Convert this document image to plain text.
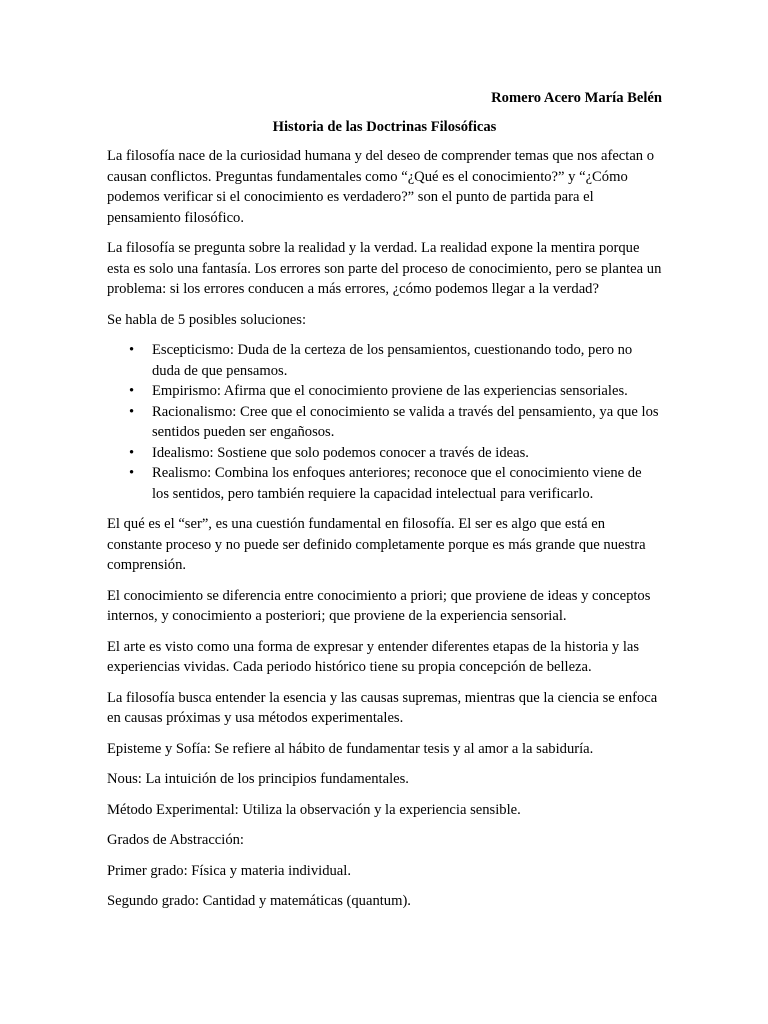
Romero Acero María Belén
Historia de las Doctrinas Filosóficas

La filosofía nace de la curiosidad humana y del deseo de comprender temas que nos afectan o causan conflictos. Preguntas fundamentales como “¿Qué es el conocimiento?” y “¿Cómo podemos verificar si el conocimiento es verdadero?” son el punto de partida para el pensamiento filosófico.

La filosofía se pregunta sobre la realidad y la verdad. La realidad expone la mentira porque esta es solo una fantasía. Los errores son parte del proceso de conocimiento, pero se plantea un problema: si los errores conducen a más errores, ¿cómo podemos llegar a la verdad?

Se habla de 5 posibles soluciones:

• Escepticismo: Duda de la certeza de los pensamientos, cuestionando todo, pero no duda de que pensamos.
• Empirismo: Afirma que el conocimiento proviene de las experiencias sensoriales.
• Racionalismo: Cree que el conocimiento se valida a través del pensamiento, ya que los sentidos pueden ser engañosos.
• Idealismo: Sostiene que solo podemos conocer a través de ideas.
• Realismo: Combina los enfoques anteriores; reconoce que el conocimiento viene de los sentidos, pero también requiere la capacidad intelectual para verificarlo.

El qué es el “ser”, es una cuestión fundamental en filosofía. El ser es algo que está en constante proceso y no puede ser definido completamente porque es más grande que nuestra comprensión.

El conocimiento se diferencia entre conocimiento a priori; que proviene de ideas y conceptos internos, y conocimiento a posteriori; que proviene de la experiencia sensorial.

El arte es visto como una forma de expresar y entender diferentes etapas de la historia y las experiencias vividas. Cada periodo histórico tiene su propia concepción de belleza.

La filosofía busca entender la esencia y las causas supremas, mientras que la ciencia se enfoca en causas próximas y usa métodos experimentales.

Episteme y Sofía: Se refiere al hábito de fundamentar tesis y al amor a la sabiduría.

Nous: La intuición de los principios fundamentales.

Método Experimental: Utiliza la observación y la experiencia sensible.

Grados de Abstracción:

Primer grado: Física y materia individual.

Segundo grado: Cantidad y matemáticas (quantum).
